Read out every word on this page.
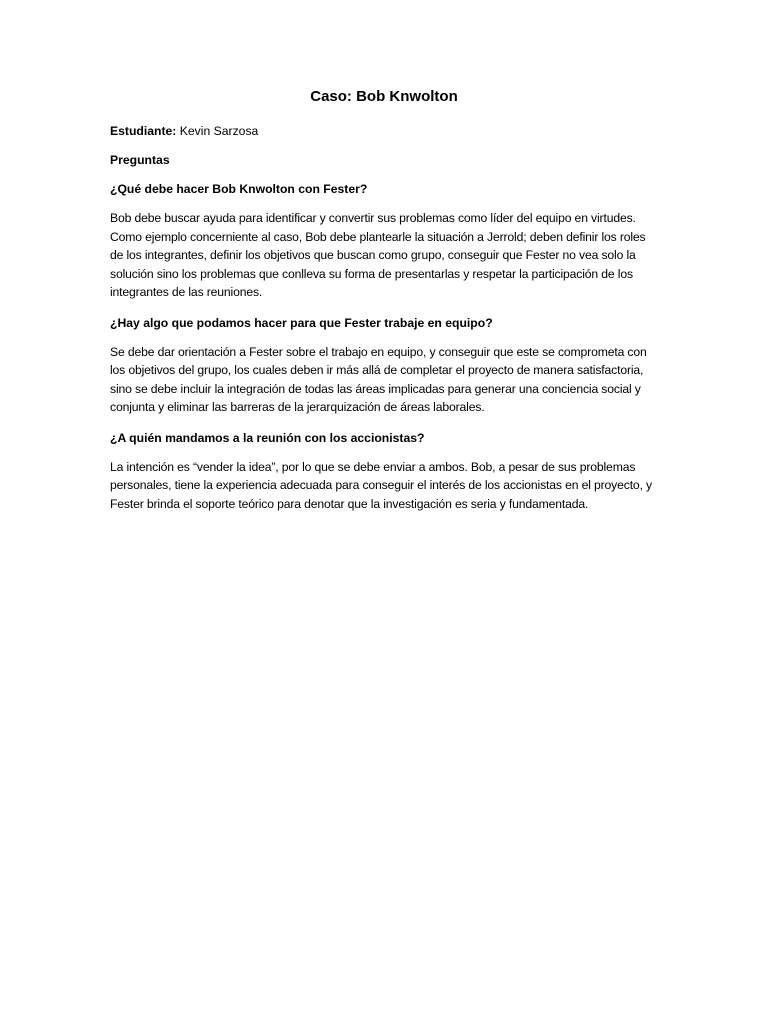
Caso: Bob Knwolton
Estudiante: Kevin Sarzosa
Preguntas
¿Qué debe hacer Bob Knwolton con Fester?
Bob debe buscar ayuda para identificar y convertir sus problemas como líder del equipo en virtudes. Como ejemplo concerniente al caso, Bob debe plantearle la situación a Jerrold; deben definir los roles de los integrantes, definir los objetivos que buscan como grupo, conseguir que Fester no vea solo la solución sino los problemas que conlleva su forma de presentarlas y respetar la participación de los integrantes de las reuniones.
¿Hay algo que podamos hacer para que Fester trabaje en equipo?
Se debe dar orientación a Fester sobre el trabajo en equipo, y conseguir que este se comprometa con los objetivos del grupo, los cuales deben ir más allá de completar el proyecto de manera satisfactoria, sino se debe incluir la integración de todas las áreas implicadas para generar una conciencia social y conjunta y eliminar las barreras de la jerarquización de áreas laborales.
¿A quién mandamos a la reunión con los accionistas?
La intención es “vender la idea”, por lo que se debe enviar a ambos. Bob, a pesar de sus problemas personales, tiene la experiencia adecuada para conseguir el interés de los accionistas en el proyecto, y Fester brinda el soporte teórico para denotar que la investigación es seria y fundamentada.
